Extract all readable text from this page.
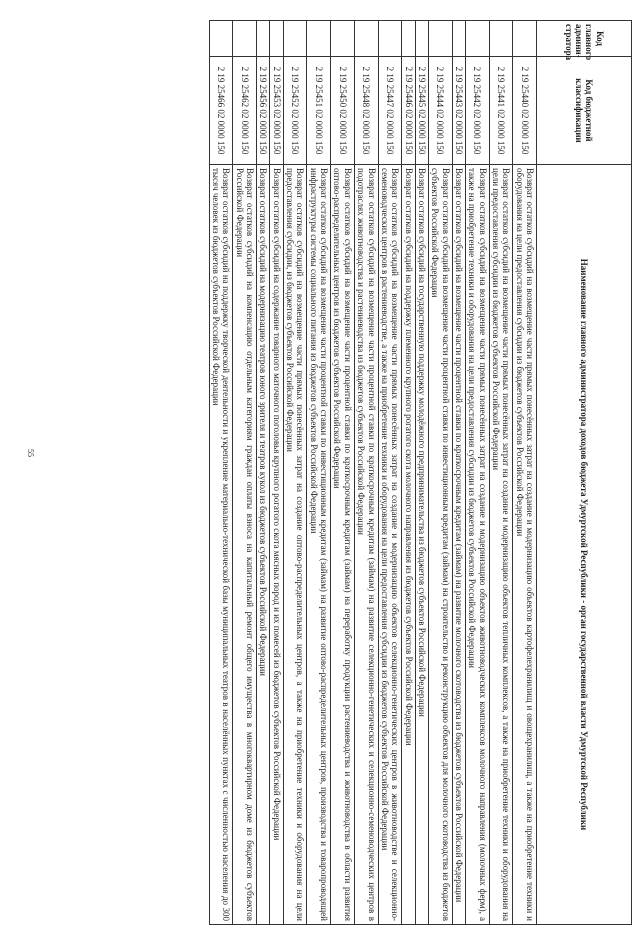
55
Код главного админи-стратора	Код бюджетной классификации	Наименование главного администратора доходов бюджета Удмуртской Республики - орган государственной власти Удмуртской Республики
	2 19 25440 02 0000 150	Возврат остатков субсидий на возмещение части прямых понесённых затрат на создание и модернизацию объектов картофелехранилищ и овощехранилищ, а также на приобретение техники и оборудования на цели предоставления субсидии из бюджетов субъектов Российской Федерации
	2 19 25441 02 0000 150	Возврат остатков субсидий на возмещение части прямых понесённых затрат на создание и модернизацию объектов тепличных комплексов, а также на приобретение техники и оборудования на цели предоставления субсидии из бюджетов субъектов Российской Федерации
	2 19 25442 02 0000 150	Возврат остатков субсидий на возмещение части прямых понесённых затрат на создание и модернизацию объектов животноводческих комплексов молочного направления (молочных ферм), а также на приобретение техники и оборудования на цели предоставления субсидии из бюджетов субъектов Российской Федерации
	2 19 25443 02 0000 150	Возврат остатков субсидий на возмещение части процентной ставки по краткосрочным кредитам (займам) на развитие молочного скотоводства из бюджетов субъектов Российской Федерации
	2 19 25444 02 0000 150	Возврат остатков субсидий на возмещение части процентной ставки по инвестиционным кредитам (займам) на строительство и реконструкцию объектов для молочного скотоводства из бюджетов субъектов Российской Федерации
	2 19 25445 02 0000 150	Возврат остатков субсидий на государственную поддержку молодёжного предпринимательства из бюджетов субъектов Российской Федерации
	2 19 25446 02 0000 150	Возврат остатков субсидий на поддержку племенного крупного рогатого скота молочного направления из бюджетов субъектов Российской Федерации
	2 19 25447 02 0000 150	Возврат остатков субсидий на возмещение части прямых понесённых затрат на создание и модернизацию объектов селекционно-генетических центров в животноводстве и селекционно-семеноводческих центров в растениеводстве, а также на приобретение техники и оборудования на цели предоставления субсидии из бюджетов субъектов Российской Федерации
	2 19 25448 02 0000 150	Возврат остатков субсидий на возмещение части процентной ставки по краткосрочным кредитам (займам) на развитие селекционно-генетических и селекционно-семеноводческих центров в подотраслях животноводства и растениеводства из бюджетов субъектов Российской Федерации
	2 19 25450 02 0000 150	Возврат остатков субсидий на возмещение части процентной ставки по краткосрочным кредитам (займам) на переработку продукции растениеводства и животноводства в области развития оптово-распределительных центров из бюджетов субъектов Российской Федерации
	2 19 25451 02 0000 150	Возврат остатков субсидий на возмещение части процентной ставки по инвестиционным кредитам (займам) на развитие оптово-распределительных центров, производства и товаропроводящей инфраструктуры системы социального питания из бюджетов субъектов Российской Федерации
	2 19 25452 02 0000 150	Возврат остатков субсидий на возмещение части прямых понесённых затрат на создание оптово-распределительных центров, а также на приобретение техники и оборудования на цели предоставления субсидии, из бюджетов субъектов Российской Федерации
	2 19 25453 02 0000 150	Возврат остатков субсидий на содержание товарного маточного поголовья крупного рогатого скота мясных пород и их помесей из бюджетов субъектов Российской Федерации
	2 19 25456 02 0000 150	Возврат остатков субсидий на модернизацию театров юного зрителя и театров кукол из бюджетов субъектов Российской Федерации
	2 19 25462 02 0000 150	Возврат остатков субсидий на компенсацию отдельным категориям граждан оплаты взноса на капитальный ремонт общего имущества в многоквартирном доме из бюджетов субъектов Российской Федерации
	2 19 25466 02 0000 150	Возврат остатков субсидий на поддержку творческой деятельности и укрепление материально-технической базы муниципальных театров в населённых пунктах с численностью населения до 300 тысяч человек из бюджетов субъектов Российской Федерации
